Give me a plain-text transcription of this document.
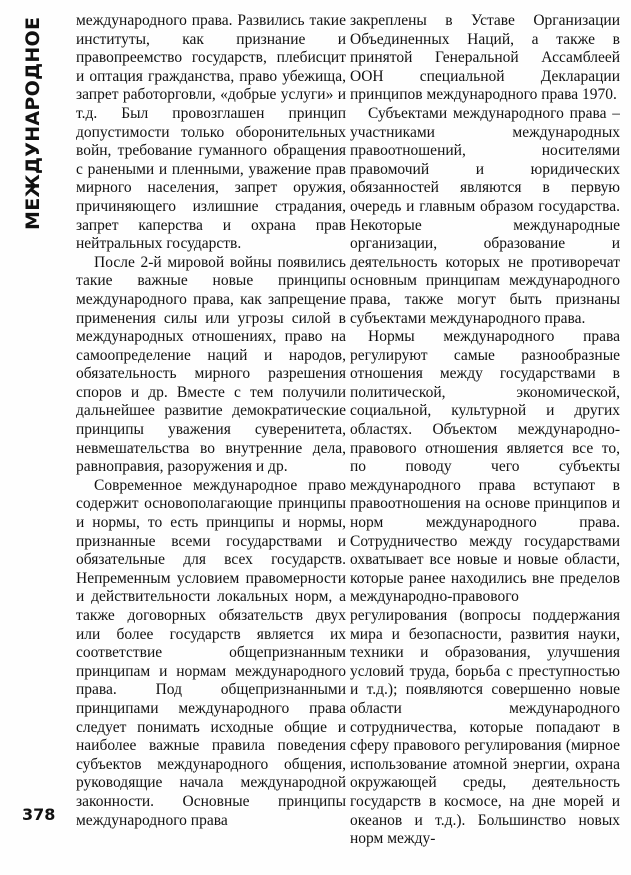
МЕЖДУНАРОДНОЕ
378

международного права. Развились такие институты, как признание и правопреемство государств, плебисцит и оптация гражданства, право убежища, запрет работорговли, «добрые услуги» и т.д. Был провозглашен принцип допустимости только оборонительных войн, требование гуманного обращения с ранеными и пленными, уважение прав мирного населения, запрет оружия, причиняющего излишние страдания, запрет каперства и охрана прав нейтральных государств.

После 2-й мировой войны появились такие важные новые принципы международного права, как запрещение применения силы или угрозы силой в международных отношениях, право на самоопределение наций и народов, обязательность мирного разрешения споров и др. Вместе с тем получили дальнейшее развитие демократические принципы уважения суверенитета, невмешательства во внутренние дела, равноправия, разоружения и др.

Современное международное право содержит основополагающие принципы и нормы, то есть принципы и нормы, признанные всеми государствами и обязательные для всех государств. Непременным условием правомерности и действительности локальных норм, а также договорных обязательств двух или более государств является их соответствие общепризнанным принципам и нормам международного права. Под общепризнанными принципами международного права следует понимать исходные общие и наиболее важные правила поведения субъектов международного общения, руководящие начала международной законности. Основные принципы международного права

закреплены в Уставе Организации Объединенных Наций, а также в принятой Генеральной Ассамблеей ООН специальной Декларации принципов международного права 1970.

Субъектами международного права – участниками международных правоотношений, носителями правомочий и юридических обязанностей являются в первую очередь и главным образом государства. Некоторые международные организации, образование и деятельность которых не противоречат основным принципам международного права, также могут быть признаны субъектами международного права.

Нормы международного права регулируют самые разнообразные отношения между государствами в политической, экономической, социальной, культурной и других областях. Объектом международно-правового отношения является все то, по поводу чего субъекты международного права вступают в правоотношения на основе принципов и норм международного права. Сотрудничество между государствами охватывает все новые и новые области, которые ранее находились вне пределов международно-правового регулирования (вопросы поддержания мира и безопасности, развития науки, техники и образования, улучшения условий труда, борьба с преступностью и т.д.); появляются совершенно новые области международного сотрудничества, которые попадают в сферу правового регулирования (мирное использование атомной энергии, охрана окружающей среды, деятельность государств в космосе, на дне морей и океанов и т.д.). Большинство новых норм между-
